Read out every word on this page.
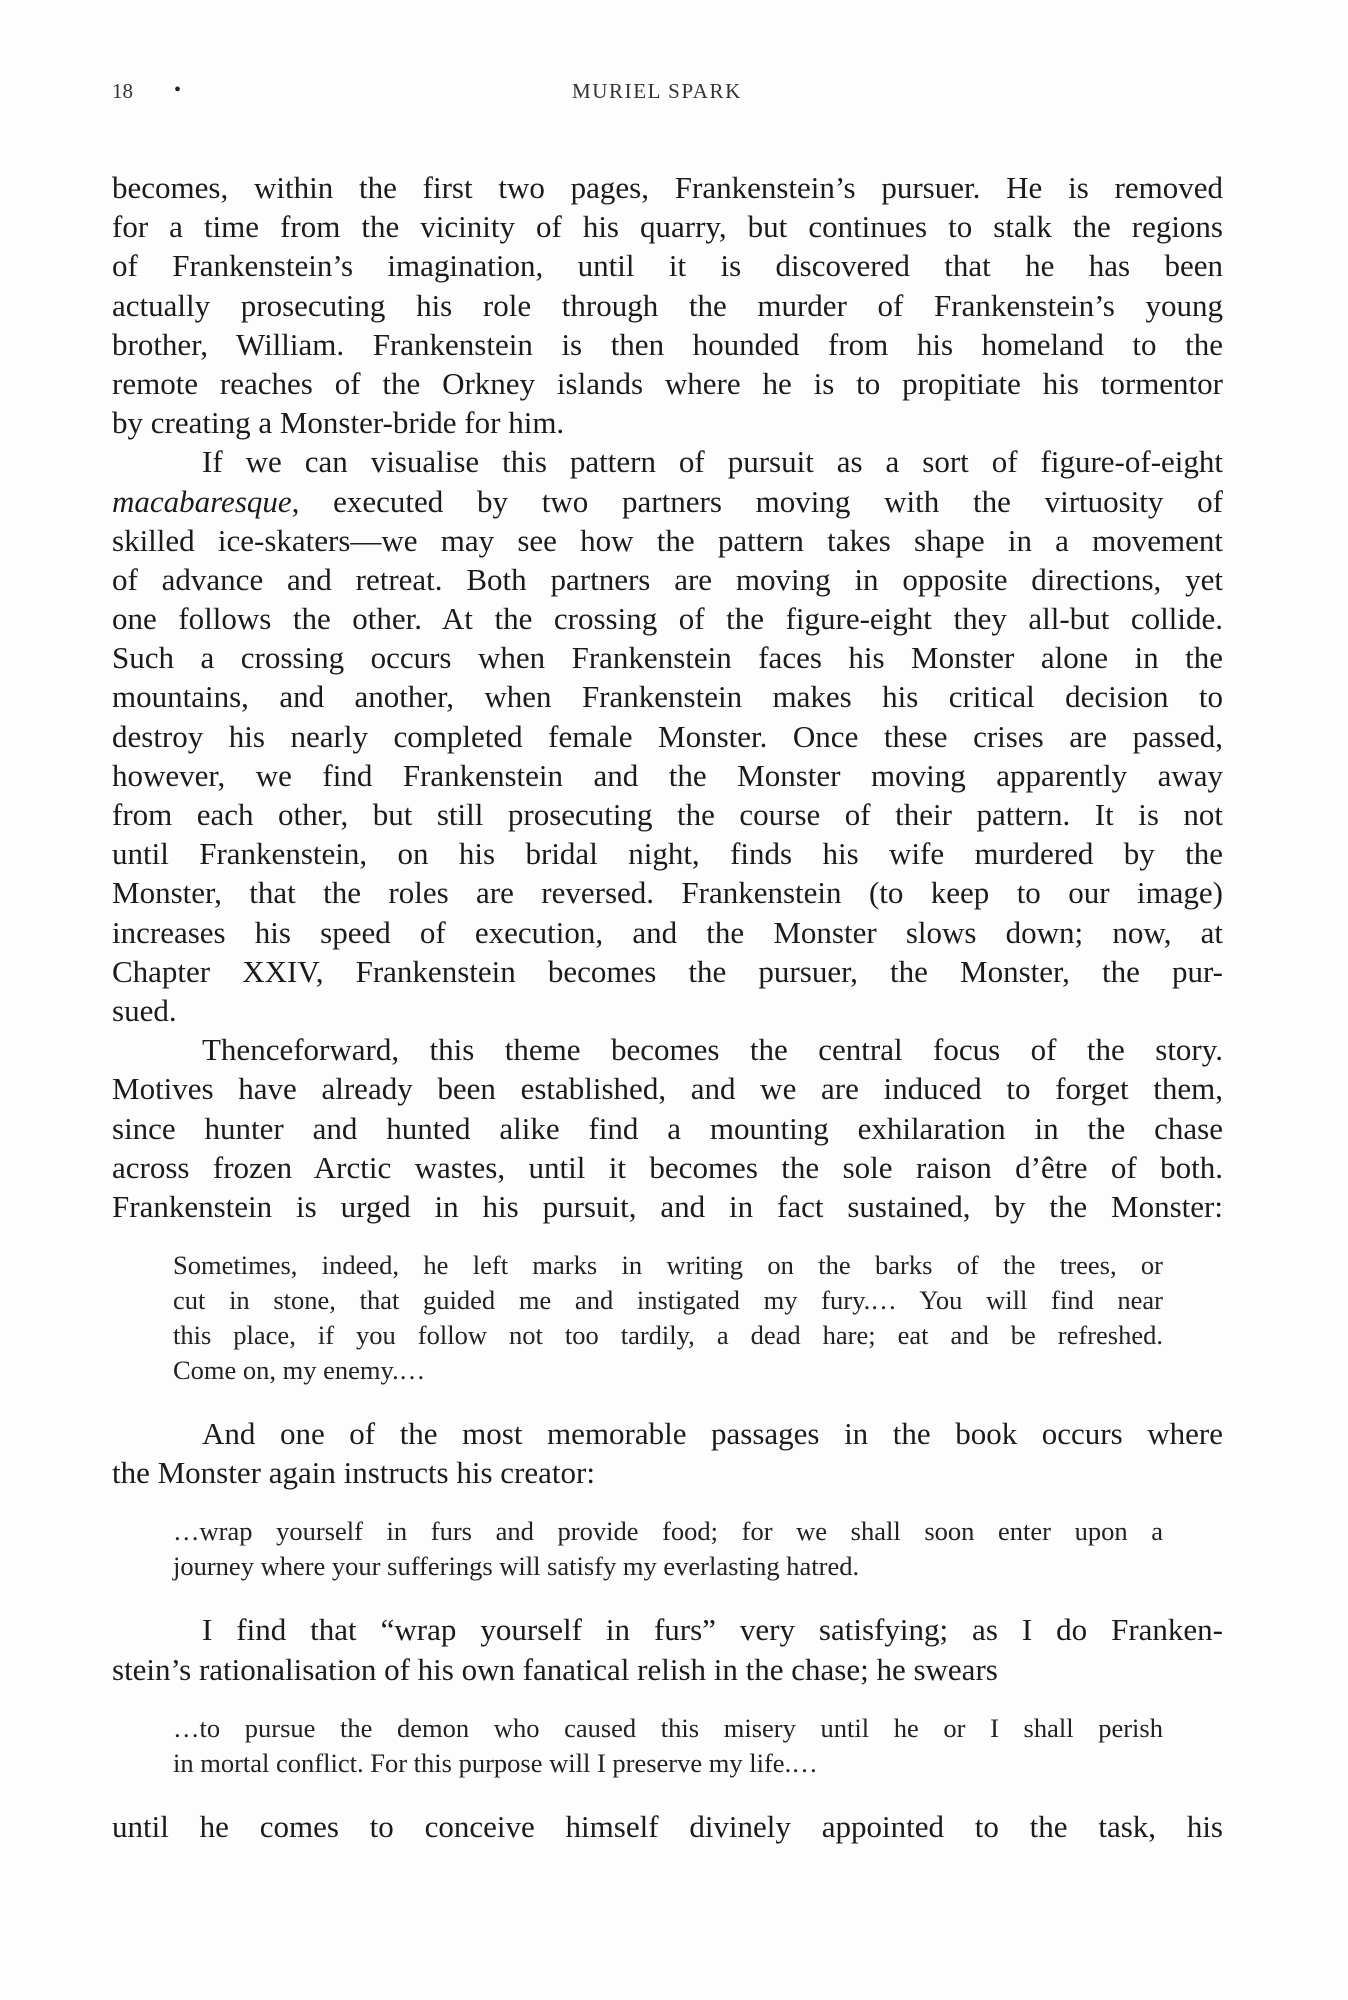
18 •	MURIEL SPARK

becomes, within the first two pages, Frankenstein’s pursuer. He is removed
for a time from the vicinity of his quarry, but continues to stalk the regions
of Frankenstein’s imagination, until it is discovered that he has been
actually prosecuting his role through the murder of Frankenstein’s young
brother, William. Frankenstein is then hounded from his homeland to the
remote reaches of the Orkney islands where he is to propitiate his tormentor
by creating a Monster-bride for him.

If we can visualise this pattern of pursuit as a sort of figure-of-eight
macabaresque, executed by two partners moving with the virtuosity of
skilled ice-skaters—we may see how the pattern takes shape in a movement
of advance and retreat. Both partners are moving in opposite directions, yet
one follows the other. At the crossing of the figure-eight they all-but collide.
Such a crossing occurs when Frankenstein faces his Monster alone in the
mountains, and another, when Frankenstein makes his critical decision to
destroy his nearly completed female Monster. Once these crises are passed,
however, we find Frankenstein and the Monster moving apparently away
from each other, but still prosecuting the course of their pattern. It is not
until Frankenstein, on his bridal night, finds his wife murdered by the
Monster, that the roles are reversed. Frankenstein (to keep to our image)
increases his speed of execution, and the Monster slows down; now, at
Chapter XXIV, Frankenstein becomes the pursuer, the Monster, the pur-
sued.

Thenceforward, this theme becomes the central focus of the story.
Motives have already been established, and we are induced to forget them,
since hunter and hunted alike find a mounting exhilaration in the chase
across frozen Arctic wastes, until it becomes the sole raison d’être of both.
Frankenstein is urged in his pursuit, and in fact sustained, by the Monster:

Sometimes, indeed, he left marks in writing on the barks of the trees, or
cut in stone, that guided me and instigated my fury.… You will find near
this place, if you follow not too tardily, a dead hare; eat and be refreshed.
Come on, my enemy.…

And one of the most memorable passages in the book occurs where
the Monster again instructs his creator:

…wrap yourself in furs and provide food; for we shall soon enter upon a
journey where your sufferings will satisfy my everlasting hatred.

I find that “wrap yourself in furs” very satisfying; as I do Franken-
stein’s rationalisation of his own fanatical relish in the chase; he swears

…to pursue the demon who caused this misery until he or I shall perish
in mortal conflict. For this purpose will I preserve my life.…

until he comes to conceive himself divinely appointed to the task, his
